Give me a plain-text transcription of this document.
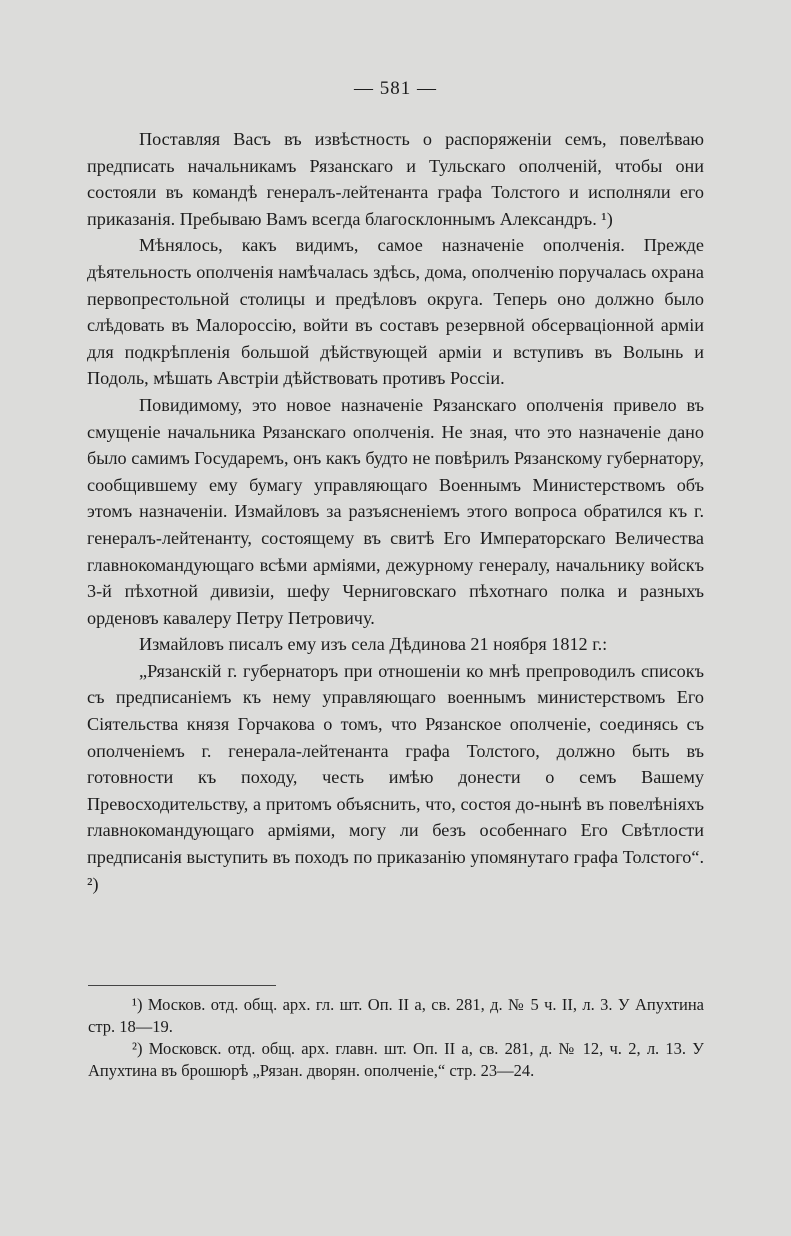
— 581 —

Поставляя Васъ въ извѣстность о распоряженіи семъ, повелѣваю предписать начальникамъ Рязанскаго и Тульскаго ополченій, чтобы они состояли въ командѣ генералъ-лейтенанта графа Толстого и исполняли его приказанія. Пребываю Вамъ всегда благосклоннымъ Александръ. ¹)

Мѣнялось, какъ видимъ, самое назначеніе ополченія. Прежде дѣятельность ополченія намѣчалась здѣсь, дома, ополченію поручалась охрана первопрестольной столицы и предѣловъ округа. Теперь оно должно было слѣдовать въ Малороссію, войти въ составъ резервной обсерваціонной арміи для подкрѣпленія большой дѣйствующей арміи и вступивъ въ Волынь и Подоль, мѣшать Австріи дѣйствовать противъ Россіи.

Повидимому, это новое назначеніе Рязанскаго ополченія привело въ смущеніе начальника Рязанскаго ополченія. Не зная, что это назначеніе дано было самимъ Государемъ, онъ какъ будто не повѣрилъ Рязанскому губернатору, сообщившему ему бумагу управляющаго Военнымъ Министерствомъ объ этомъ назначеніи. Измайловъ за разъясненіемъ этого вопроса обратился къ г. генералъ-лейтенанту, состоящему въ свитѣ Его Императорскаго Величества главнокомандующаго всѣми арміями, дежурному генералу, начальнику войскъ 3-й пѣхотной дивизіи, шефу Черниговскаго пѣхотнаго полка и разныхъ орденовъ кавалеру Петру Петровичу.

Измайловъ писалъ ему изъ села Дѣдинова 21 ноября 1812 г.:

„Рязанскій г. губернаторъ при отношеніи ко мнѣ препроводилъ списокъ съ предписаніемъ къ нему управляющаго военнымъ министерствомъ Его Сіятельства князя Горчакова о томъ, что Рязанское ополченіе, соединясь съ ополченіемъ г. генерала-лейтенанта графа Толстого, должно быть въ готовности къ походу, честь имѣю донести о семъ Вашему Превосходительству, а притомъ объяснить, что, состоя до-нынѣ въ повелѣніяхъ главнокомандующаго арміями, могу ли безъ особеннаго Его Свѣтлости предписанія выступить въ походъ по приказанію упомянутаго графа Толстого“. ²)

¹) Москов. отд. общ. арх. гл. шт. Оп. II а, св. 281, д. № 5 ч. II, л. 3. У Апухтина стр. 18—19.

²) Московск. отд. общ. арх. главн. шт. Оп. II а, св. 281, д. № 12, ч. 2, л. 13. У Апухтина въ брошюрѣ „Рязан. дворян. ополченіе,“ стр. 23—24.
